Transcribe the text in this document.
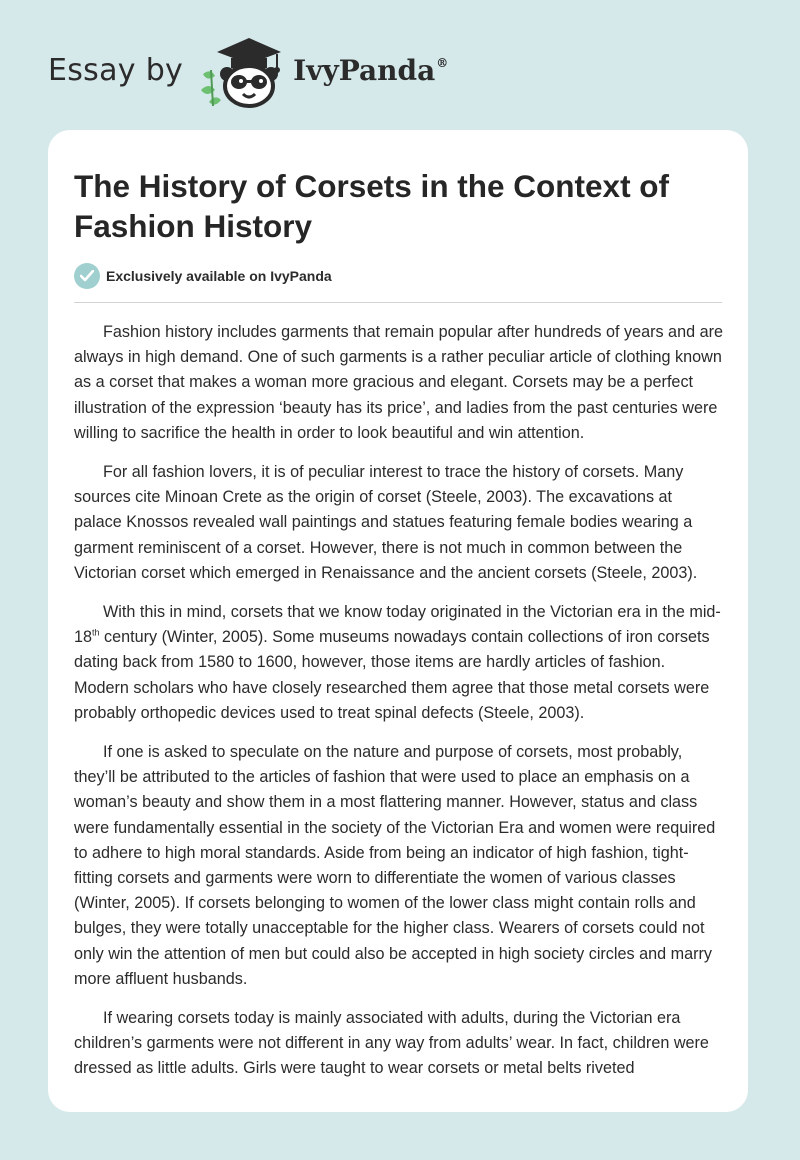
Essay by	IvyPanda®
The History of Corsets in the Context of Fashion History
Exclusively available on IvyPanda

Fashion history includes garments that remain popular after hundreds of years and are always in high demand. One of such garments is a rather peculiar article of clothing known as a corset that makes a woman more gracious and elegant. Corsets may be a perfect illustration of the expression ‘beauty has its price’, and ladies from the past centuries were willing to sacrifice the health in order to look beautiful and win attention.

For all fashion lovers, it is of peculiar interest to trace the history of corsets. Many sources cite Minoan Crete as the origin of corset (Steele, 2003). The excavations at palace Knossos revealed wall paintings and statues featuring female bodies wearing a garment reminiscent of a corset. However, there is not much in common between the Victorian corset which emerged in Renaissance and the ancient corsets (Steele, 2003).

With this in mind, corsets that we know today originated in the Victorian era in the mid-18th century (Winter, 2005). Some museums nowadays contain collections of iron corsets dating back from 1580 to 1600, however, those items are hardly articles of fashion. Modern scholars who have closely researched them agree that those metal corsets were probably orthopedic devices used to treat spinal defects (Steele, 2003).

If one is asked to speculate on the nature and purpose of corsets, most probably, they’ll be attributed to the articles of fashion that were used to place an emphasis on a woman’s beauty and show them in a most flattering manner. However, status and class were fundamentally essential in the society of the Victorian Era and women were required to adhere to high moral standards. Aside from being an indicator of high fashion, tight-fitting corsets and garments were worn to differentiate the women of various classes (Winter, 2005). If corsets belonging to women of the lower class might contain rolls and bulges, they were totally unacceptable for the higher class. Wearers of corsets could not only win the attention of men but could also be accepted in high society circles and marry more affluent husbands.

If wearing corsets today is mainly associated with adults, during the Victorian era children’s garments were not different in any way from adults’ wear. In fact, children were dressed as little adults. Girls were taught to wear corsets or metal belts riveted
